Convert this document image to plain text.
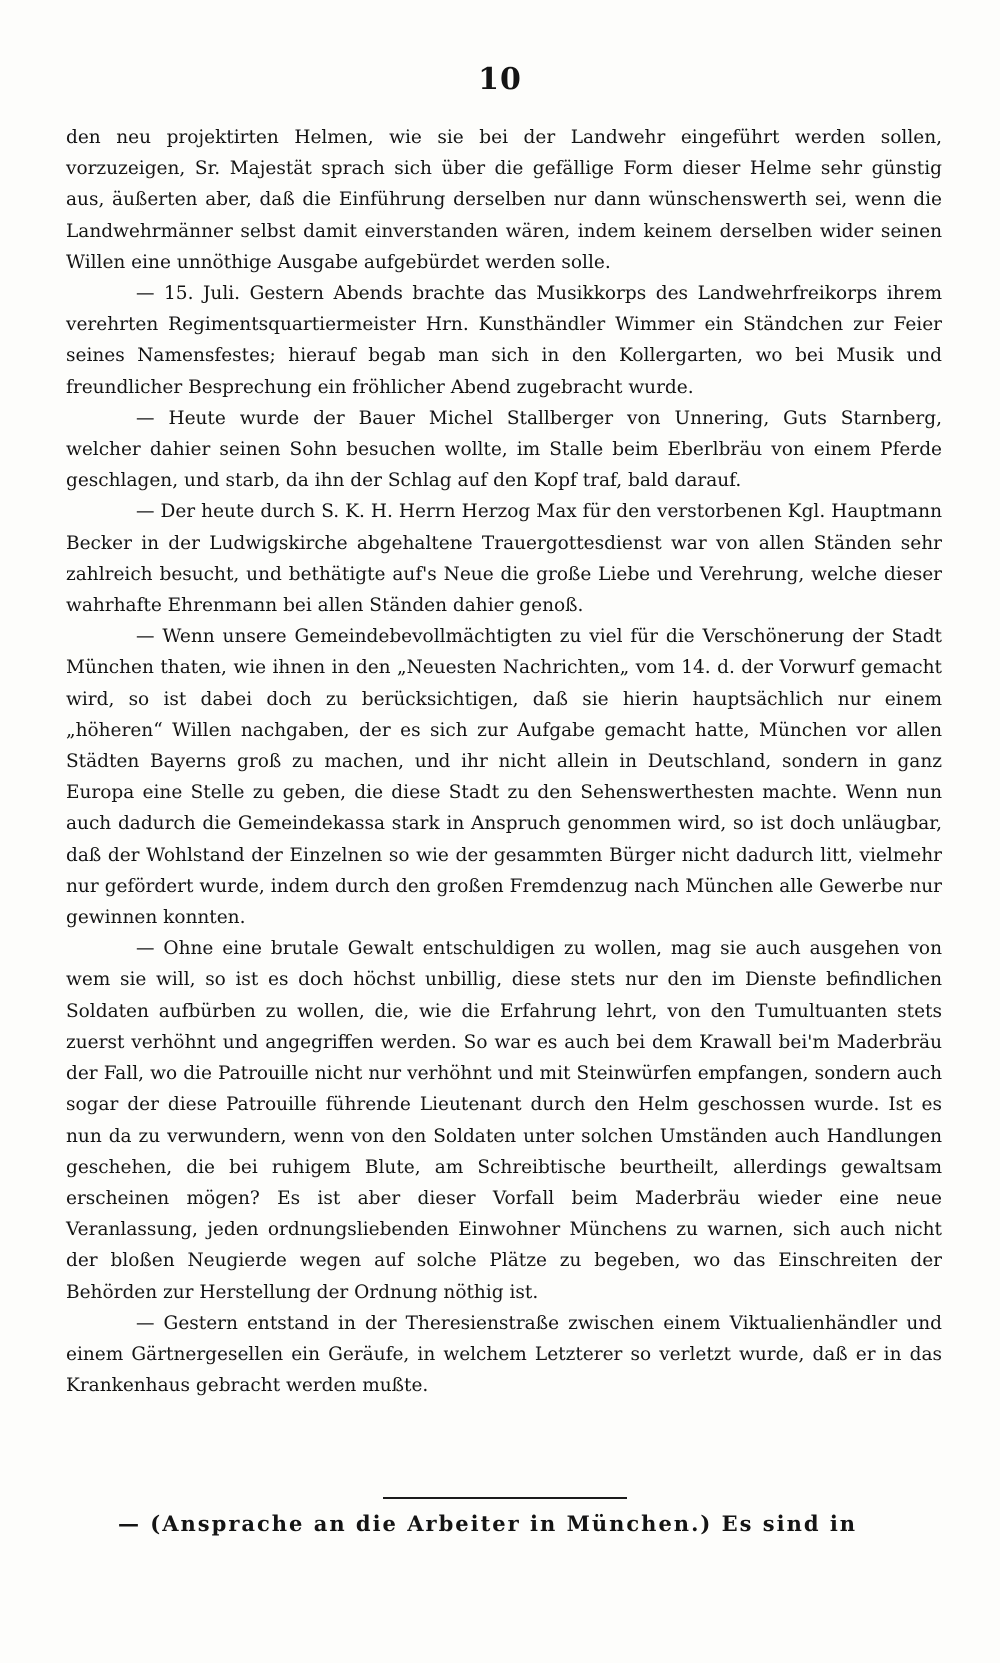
10

den neu projektirten Helmen, wie sie bei der Landwehr eingeführt werden sollen, vorzuzeigen, Sr. Majestät sprach sich über die gefällige Form dieser Helme sehr günstig aus, äußerten aber, daß die Einführung derselben nur dann wünschenswerth sei, wenn die Landwehrmänner selbst damit einverstanden wären, indem keinem derselben wider seinen Willen eine unnöthige Ausgabe aufgebürdet werden solle.

— 15. Juli. Gestern Abends brachte das Musikkorps des Landwehrfreikorps ihrem verehrten Regimentsquartiermeister Hrn. Kunsthändler Wimmer ein Ständchen zur Feier seines Namensfestes; hierauf begab man sich in den Kollergarten, wo bei Musik und freundlicher Besprechung ein fröhlicher Abend zugebracht wurde.

— Heute wurde der Bauer Michel Stallberger von Unnering, Guts Starnberg, welcher dahier seinen Sohn besuchen wollte, im Stalle beim Eberlbräu von einem Pferde geschlagen, und starb, da ihn der Schlag auf den Kopf traf, bald darauf.

— Der heute durch S. K. H. Herrn Herzog Max für den verstorbenen Kgl. Hauptmann Becker in der Ludwigskirche abgehaltene Trauergottesdienst war von allen Ständen sehr zahlreich besucht, und bethätigte auf's Neue die große Liebe und Verehrung, welche dieser wahrhafte Ehrenmann bei allen Ständen dahier genoß.

— Wenn unsere Gemeindebevollmächtigten zu viel für die Verschönerung der Stadt München thaten, wie ihnen in den „Neuesten Nachrichten„ vom 14. d. der Vorwurf gemacht wird, so ist dabei doch zu berücksichtigen, daß sie hierin hauptsächlich nur einem „höheren“ Willen nachgaben, der es sich zur Aufgabe gemacht hatte, München vor allen Städten Bayerns groß zu machen, und ihr nicht allein in Deutschland, sondern in ganz Europa eine Stelle zu geben, die diese Stadt zu den Sehenswerthesten machte. Wenn nun auch dadurch die Gemeindekassa stark in Anspruch genommen wird, so ist doch unläugbar, daß der Wohlstand der Einzelnen so wie der gesammten Bürger nicht dadurch litt, vielmehr nur gefördert wurde, indem durch den großen Fremdenzug nach München alle Gewerbe nur gewinnen konnten.

— Ohne eine brutale Gewalt entschuldigen zu wollen, mag sie auch ausgehen von wem sie will, so ist es doch höchst unbillig, diese stets nur den im Dienste befindlichen Soldaten aufbürben zu wollen, die, wie die Erfahrung lehrt, von den Tumultuanten stets zuerst verhöhnt und angegriffen werden. So war es auch bei dem Krawall bei'm Maderbräu der Fall, wo die Patrouille nicht nur verhöhnt und mit Steinwürfen empfangen, sondern auch sogar der diese Patrouille führende Lieutenant durch den Helm geschossen wurde. Ist es nun da zu verwundern, wenn von den Soldaten unter solchen Umständen auch Handlungen geschehen, die bei ruhigem Blute, am Schreibtische beurtheilt, allerdings gewaltsam erscheinen mögen? Es ist aber dieser Vorfall beim Maderbräu wieder eine neue Veranlassung, jeden ordnungsliebenden Einwohner Münchens zu warnen, sich auch nicht der bloßen Neugierde wegen auf solche Plätze zu begeben, wo das Einschreiten der Behörden zur Herstellung der Ordnung nöthig ist.

— Gestern entstand in der Theresienstraße zwischen einem Viktualienhändler und einem Gärtnergesellen ein Geräufe, in welchem Letzterer so verletzt wurde, daß er in das Krankenhaus gebracht werden mußte.

— (Ansprache an die Arbeiter in München.) Es sind in
